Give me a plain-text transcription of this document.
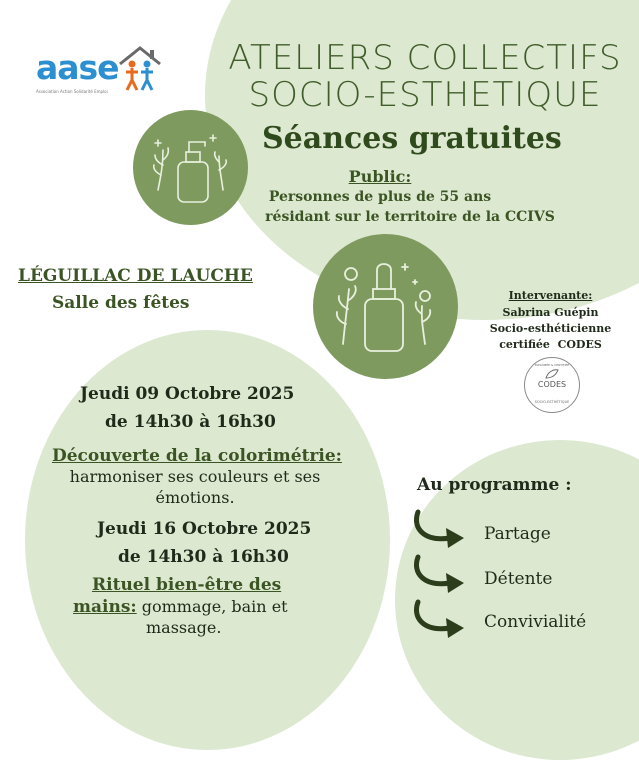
aase
Association Action Solidarité Emploi
ATELIERS COLLECTIFS
SOCIO-ESTHETIQUE
Séances gratuites
Public:
Personnes de plus de 55 ans
résidant sur le territoire de la CCIVS
LÉGUILLAC DE LAUCHE
Salle des fêtes	Intervenante:
Sabrina Guépin
Socio-esthéticienne
certifiée  CODES
DIPLÔMÉE & CERTIFIÉE
CODES
SOCIO-ESTHÉTIQUE
Jeudi 09 Octobre 2025
de 14h30 à 16h30
Découverte de la colorimétrie:
harmoniser ses couleurs et ses
émotions.
Jeudi 16 Octobre 2025
de 14h30 à 16h30
Rituel bien-être des
mains: gommage, bain et
massage.
Au programme :
Partage
Détente
Convivialité
